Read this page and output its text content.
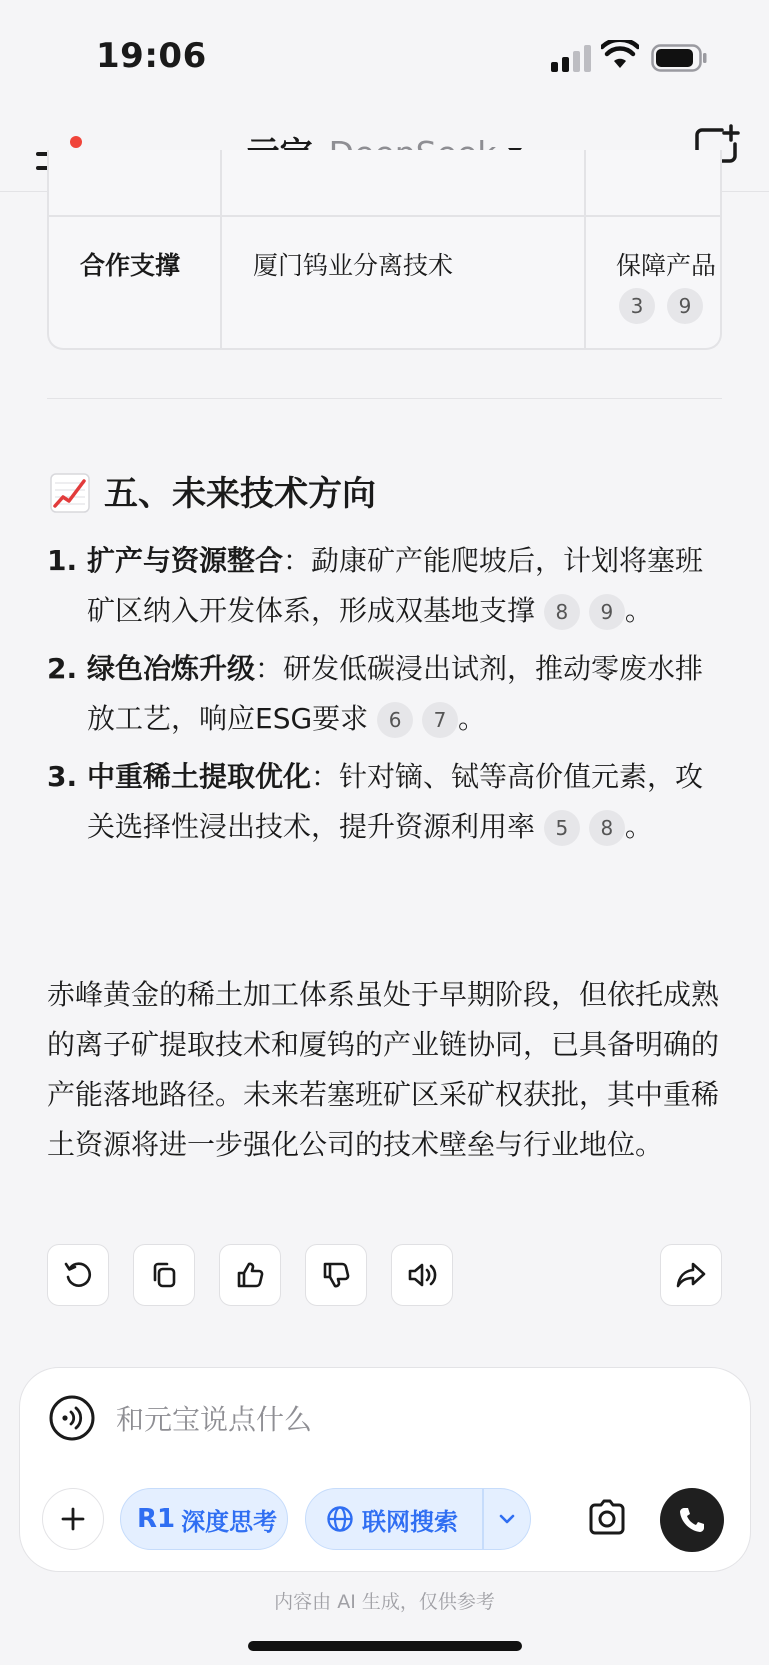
19:06
合作支撑	厦门钨业分离技术	保障产品
3 9
五、未来技术方向
1. 扩产与资源整合：勐康矿产能爬坡后，计划将塞班矿区纳入开发体系，形成双基地支撑 8 9 。
2. 绿色冶炼升级：研发低碳浸出试剂，推动零废水排放工艺，响应ESG要求 6 7 。
3. 中重稀土提取优化：针对镝、铽等高价值元素，攻关选择性浸出技术，提升资源利用率 5 8 。
赤峰黄金的稀土加工体系虽处于早期阶段，但依托成熟的离子矿提取技术和厦钨的产业链协同，已具备明确的产能落地路径。未来若塞班矿区采矿权获批，其中重稀土资源将进一步强化公司的技术壁垒与行业地位。
和元宝说点什么
R1 深度思考	联网搜索
内容由 AI 生成，仅供参考
